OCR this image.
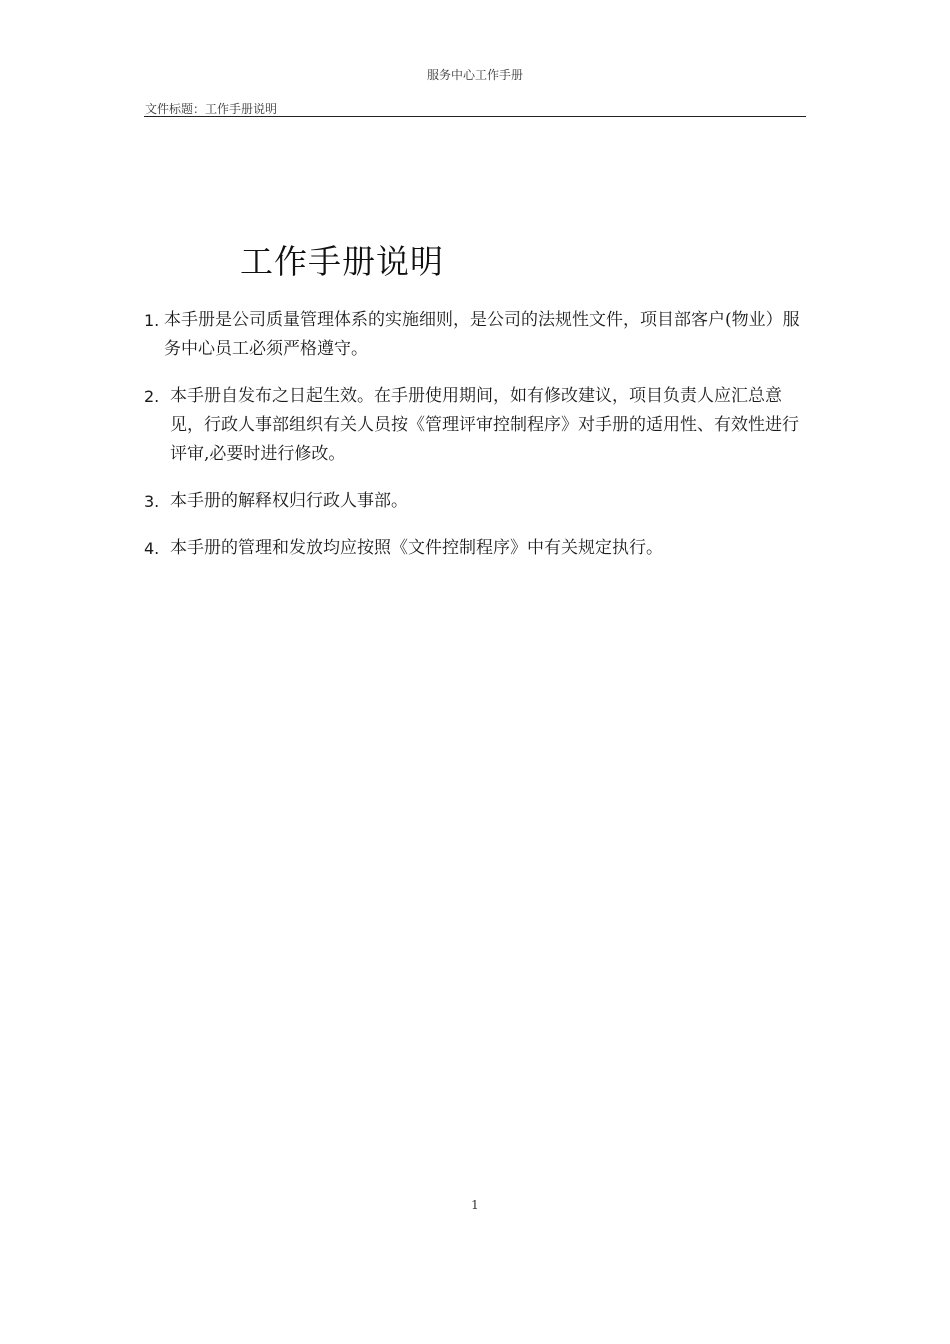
服务中心工作手册
文件标题：工作手册说明
工作手册说明
1. 本手册是公司质量管理体系的实施细则，是公司的法规性文件，项目部客户(物业）服务中心员工必须严格遵守。
2. 本手册自发布之日起生效。在手册使用期间，如有修改建议，项目负责人应汇总意见，行政人事部组织有关人员按《管理评审控制程序》对手册的适用性、有效性进行评审,必要时进行修改。
3. 本手册的解释权归行政人事部。
4. 本手册的管理和发放均应按照《文件控制程序》中有关规定执行。
1
